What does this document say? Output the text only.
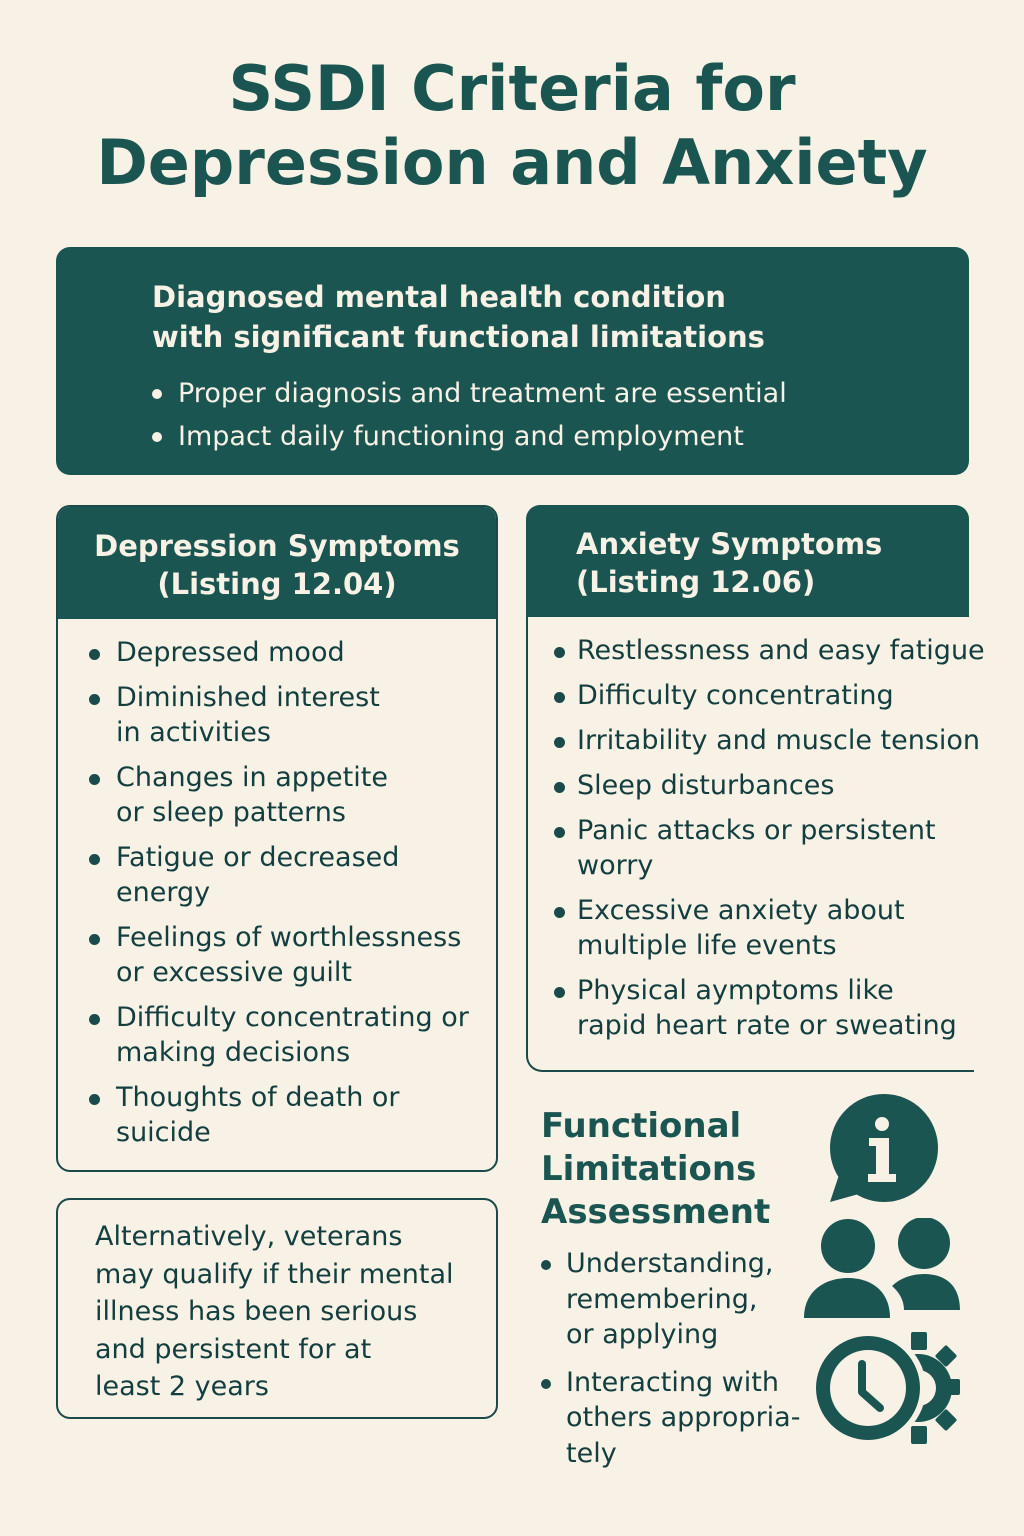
SSDI Criteria for
Depression and Anxiety
Diagnosed mental health condition
with significant functional limitations
Proper diagnosis and treatment are essential
Impact daily functioning and employment
Depression Symptoms
(Listing 12.04)
Depressed mood
Diminished interest
in activities
Changes in appetite
or sleep patterns
Fatigue or decreased
energy
Feelings of worthlessness
or excessive guilt
Difficulty concentrating or
making decisions
Thoughts of death or
suicide
Anxiety Symptoms
(Listing 12.06)
Restlessness and easy fatigue
Difficulty concentrating
Irritability and muscle tension
Sleep disturbances
Panic attacks or persistent
worry
Excessive anxiety about
multiple life events
Physical aymptoms like
rapid heart rate or sweating
Alternatively, veterans
may qualify if their mental
illness has been serious
and persistent for at
least 2 years
Functional
Limitations
Assessment
Understanding,
remembering,
or applying
Interacting with
others appropria-
tely
